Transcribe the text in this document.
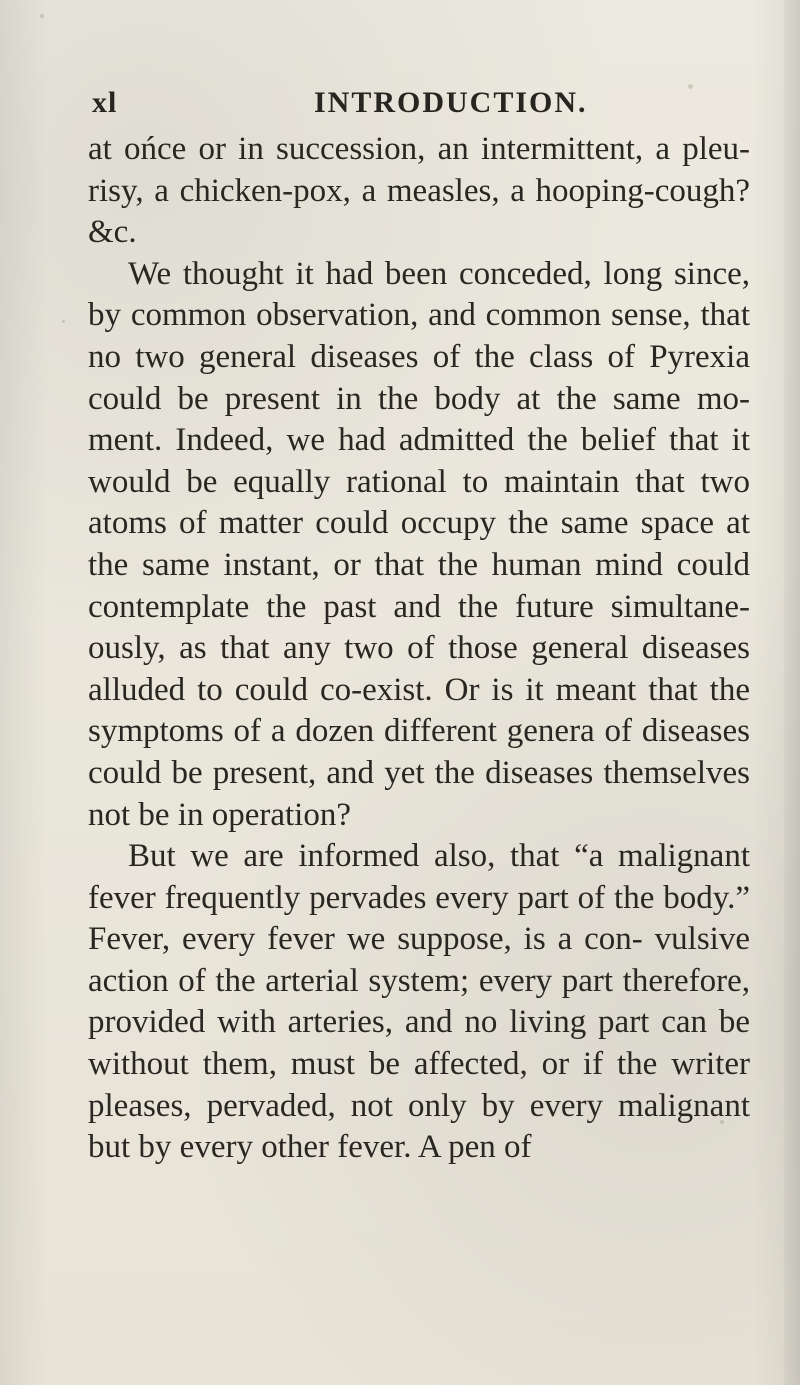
xl	INTRODUCTION.

at ońce or in succession, an intermittent, a pleu- risy, a chicken-pox, a measles, a hooping-cough? &c.

We thought it had been conceded, long since, by common observation, and common sense, that no two general diseases of the class of Pyrexia could be present in the body at the same mo- ment. Indeed, we had admitted the belief that it would be equally rational to maintain that two atoms of matter could occupy the same space at the same instant, or that the human mind could contemplate the past and the future simultane- ously, as that any two of those general diseases alluded to could co-exist. Or is it meant that the symptoms of a dozen different genera of diseases could be present, and yet the diseases themselves not be in operation?

But we are informed also, that “a malignant fever frequently pervades every part of the body.” Fever, every fever we suppose, is a con- vulsive action of the arterial system; every part therefore, provided with arteries, and no living part can be without them, must be affected, or if the writer pleases, pervaded, not only by every malignant but by every other fever. A pen of
